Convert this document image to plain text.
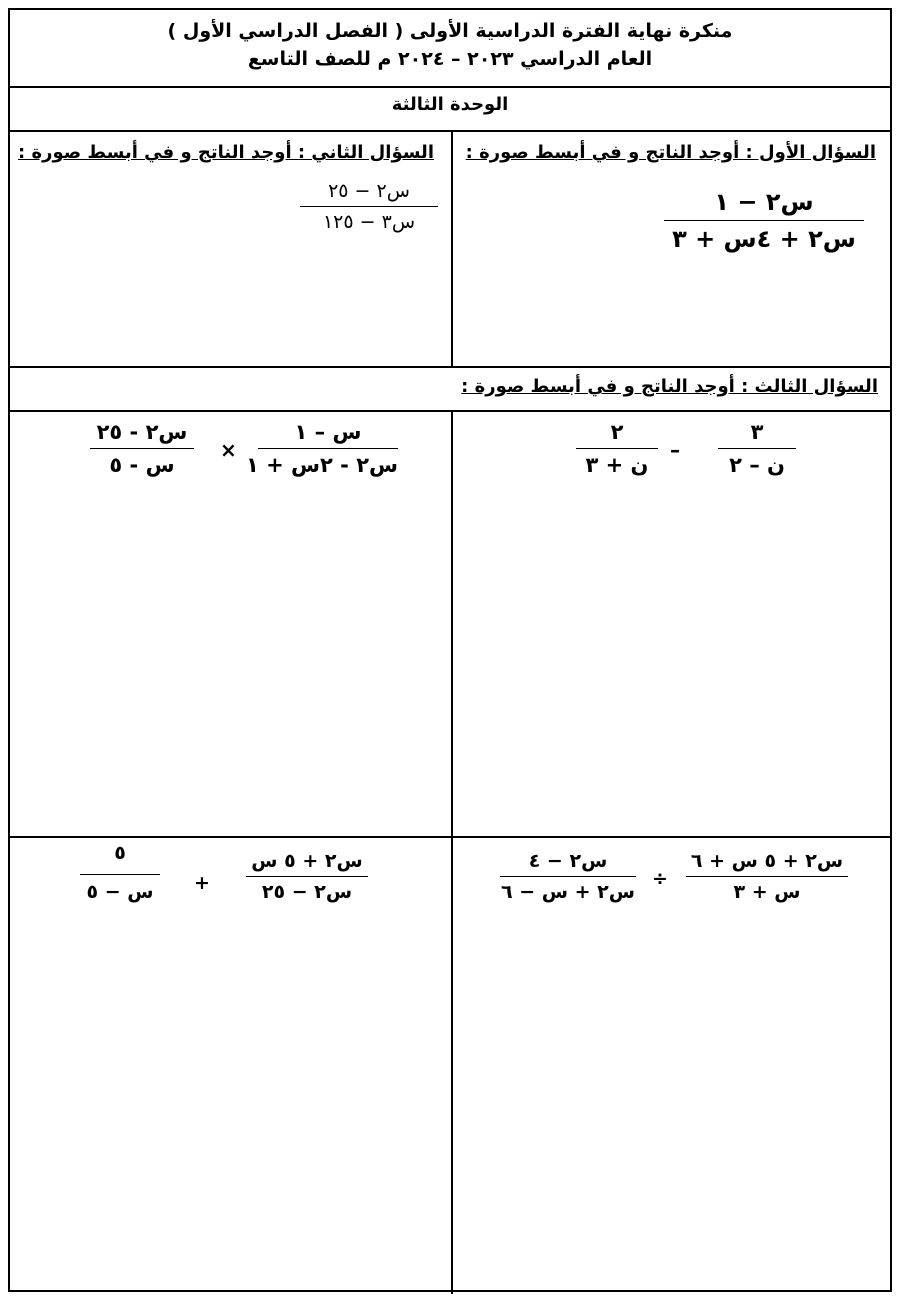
منكرة نهاية الفترة الدراسية الأولى ( الفصل الدراسي الأول )
العام الدراسي ٢٠٢٣ – ٢٠٢٤ م للصف التاسع
الوحدة الثالثة
السؤال الأول : أوجد الناتج و في أبسط صورة :
س٢ − ١
س٢ + ٤س + ٣
السؤال الثاني : أوجد الناتج و في أبسط صورة :
س٢ − ٢٥
س٣ − ١٢٥
السؤال الثالث : أوجد الناتج و في أبسط صورة :
٣
ن – ٢
–
٢
ن + ٣
س – ١
س٢ - ٢س + ١
×
س٢ - ٢٥
س - ٥
س٢ + ٥ س + ٦
س + ٣
÷
س٢ − ٤
س٢ + س − ٦
س٢ + ٥ س
س٢ − ٢٥
+
٥
س − ٥
